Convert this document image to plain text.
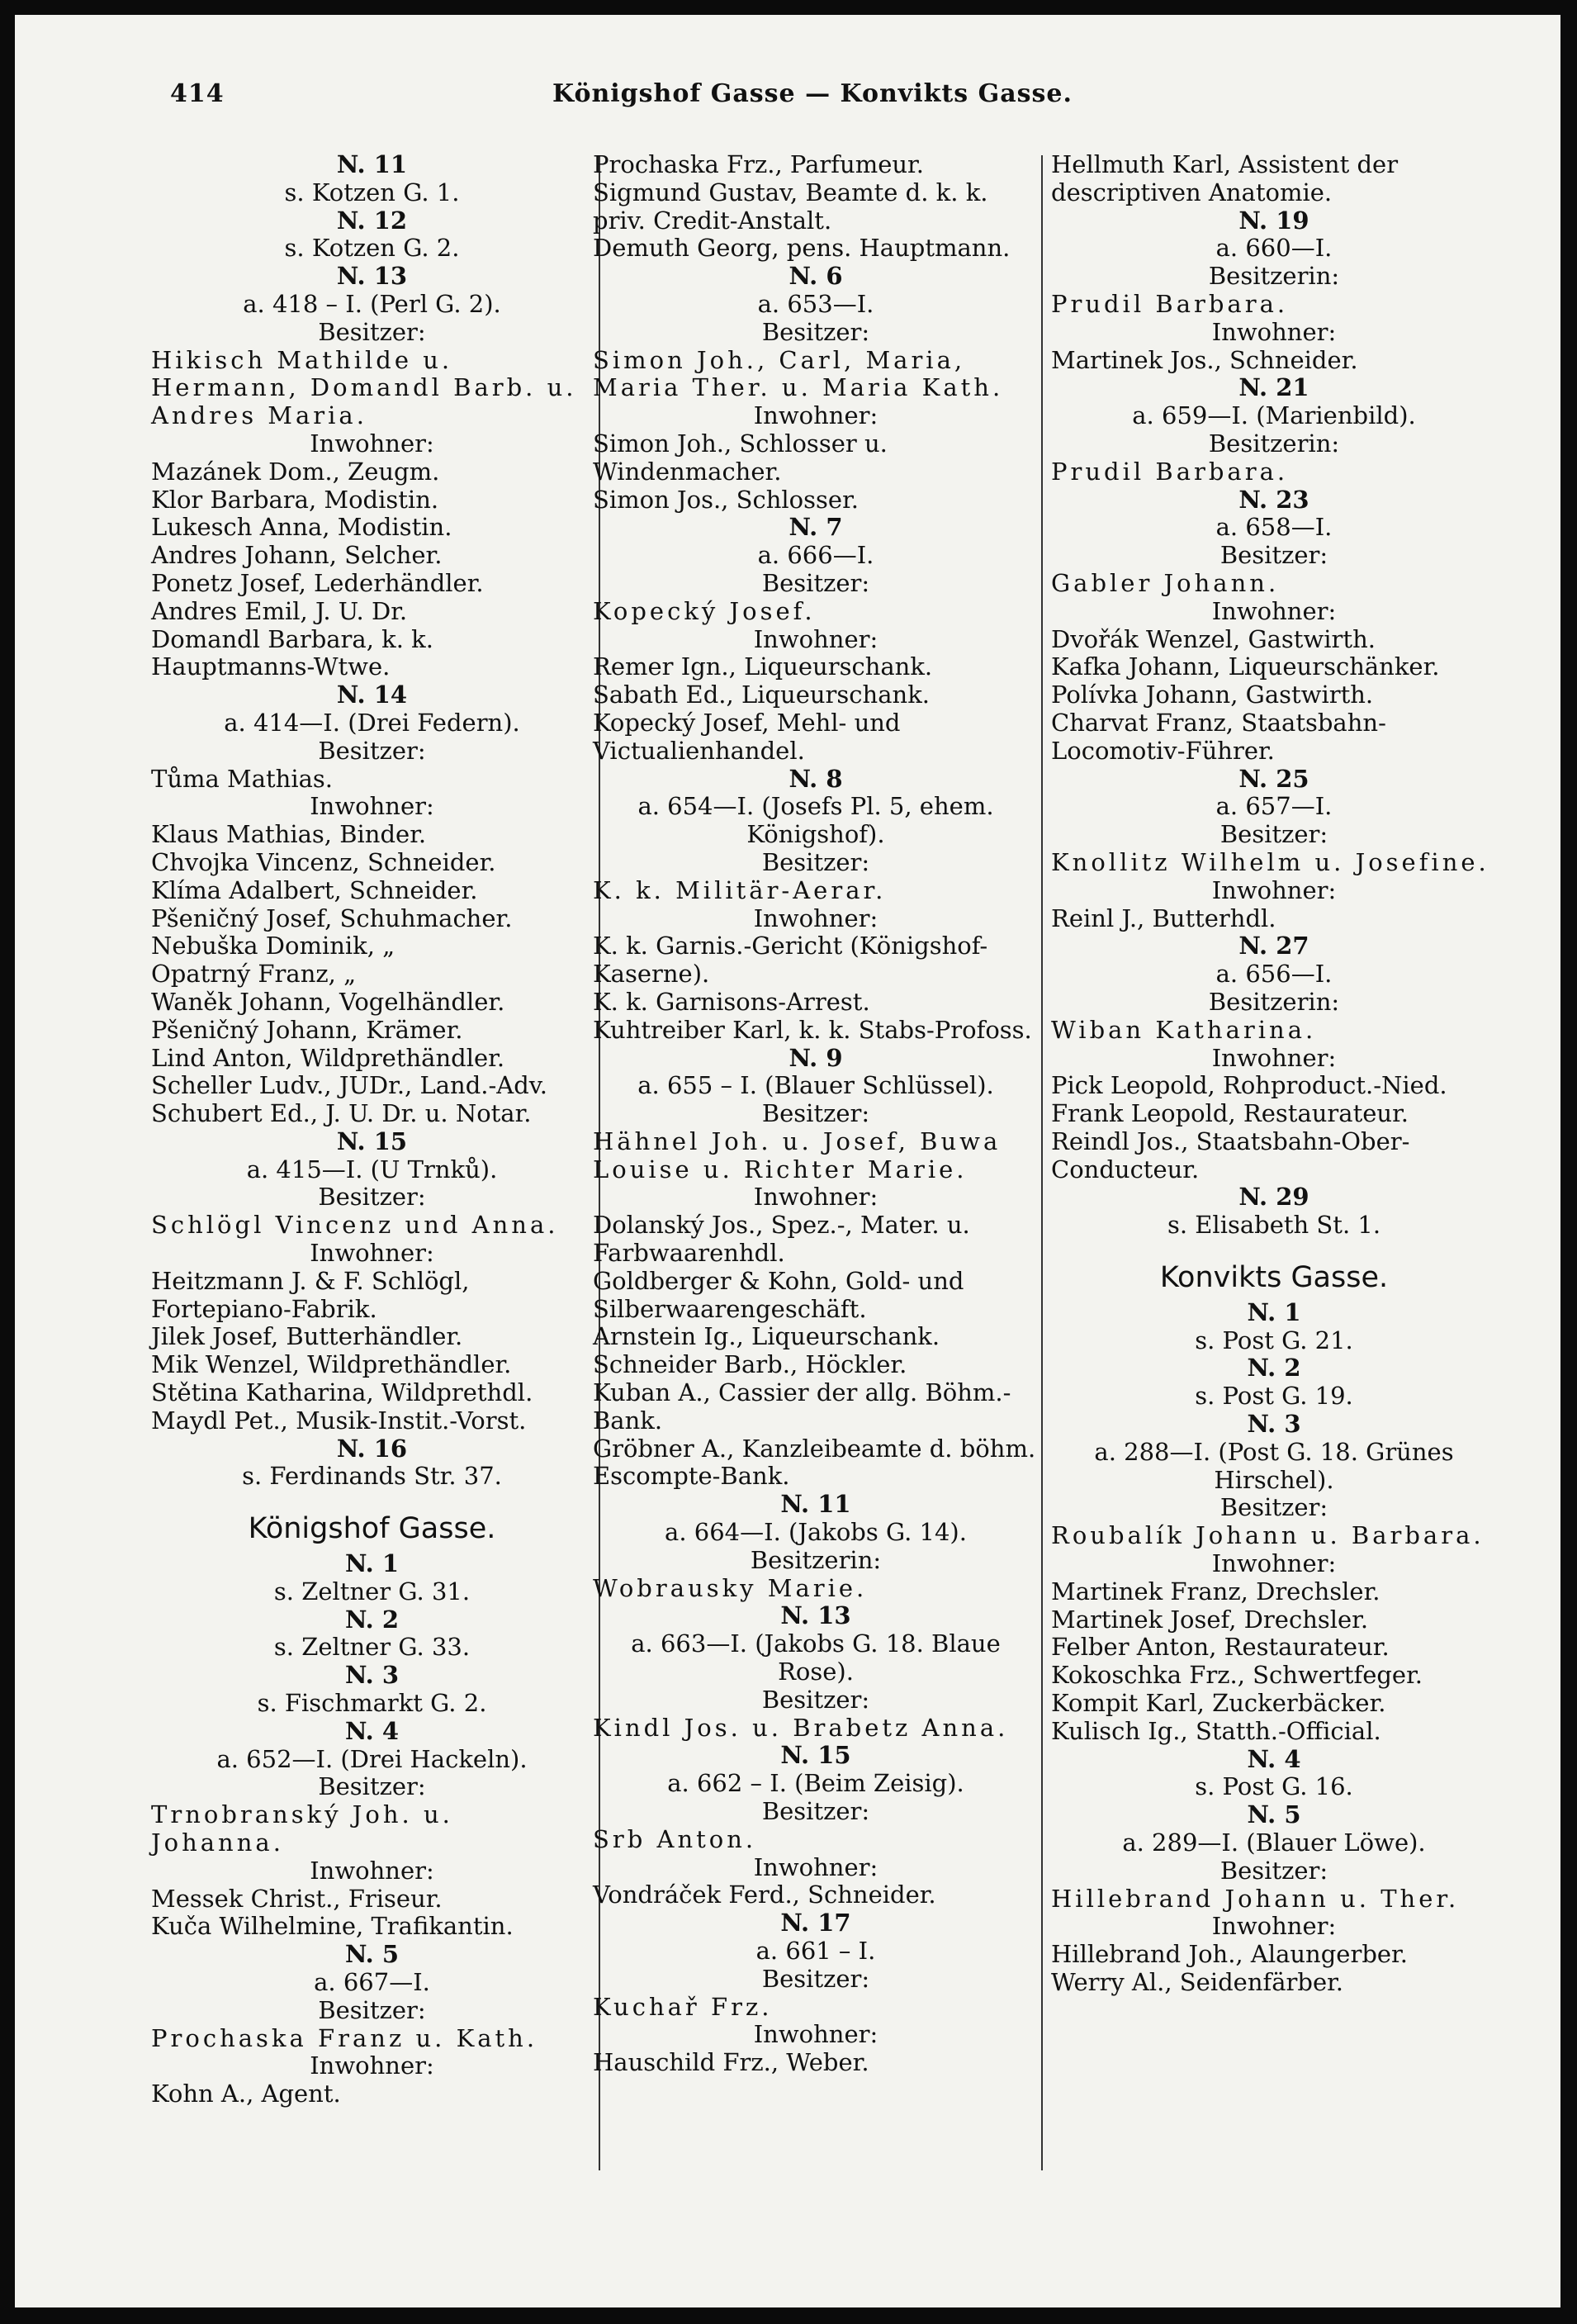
414	Königshof Gasse — Konvikts Gasse.
N. 11
s. Kotzen G. 1.
N. 12
s. Kotzen G. 2.
N. 13
a. 418 – I. (Perl G. 2).
Besitzer:
Hikisch Mathilde u. Hermann, Domandl Barb. u. Andres Maria.
Inwohner:
Mazánek Dom., Zeugm.
Klor Barbara, Modistin.
Lukesch Anna, Modistin.
Andres Johann, Selcher.
Ponetz Josef, Lederhändler.
Andres Emil, J. U. Dr.
Domandl Barbara, k. k. Hauptmanns-Wtwe.
N. 14
a. 414—I. (Drei Federn).
Besitzer:
Tůma Mathias.
Inwohner:
Klaus Mathias, Binder.
Chvojka Vincenz, Schneider.
Klíma Adalbert, Schneider.
Pšeničný Josef, Schuhmacher.
Nebuška Dominik, „
Opatrný Franz, „
Waněk Johann, Vogelhändler.
Pšeničný Johann, Krämer.
Lind Anton, Wildprethändler.
Scheller Ludv., JUDr., Land.-Adv.
Schubert Ed., J. U. Dr. u. Notar.
N. 15
a. 415—I. (U Trnků).
Besitzer:
Schlögl Vincenz und Anna.
Inwohner:
Heitzmann J. & F. Schlögl, Fortepiano-Fabrik.
Jilek Josef, Butterhändler.
Mik Wenzel, Wildprethändler.
Stětina Katharina, Wildprethdl.
Maydl Pet., Musik-Instit.-Vorst.
N. 16
s. Ferdinands Str. 37.
Königshof Gasse.
N. 1
s. Zeltner G. 31.
N. 2
s. Zeltner G. 33.
N. 3
s. Fischmarkt G. 2.
N. 4
a. 652—I. (Drei Hackeln).
Besitzer:
Trnobranský Joh. u. Johanna.
Inwohner:
Messek Christ., Friseur.
Kuča Wilhelmine, Trafikantin.
N. 5
a. 667—I.
Besitzer:
Prochaska Franz u. Kath.
Inwohner:
Kohn A., Agent.
Prochaska Frz., Parfumeur.
Sigmund Gustav, Beamte d. k. k. priv. Credit-Anstalt.
Demuth Georg, pens. Hauptmann.
N. 6
a. 653—I.
Besitzer:
Simon Joh., Carl, Maria, Maria Ther. u. Maria Kath.
Inwohner:
Simon Joh., Schlosser u. Windenmacher.
Simon Jos., Schlosser.
N. 7
a. 666—I.
Besitzer:
Kopecký Josef.
Inwohner:
Remer Ign., Liqueurschank.
Sabath Ed., Liqueurschank.
Kopecký Josef, Mehl- und Victualienhandel.
N. 8
a. 654—I. (Josefs Pl. 5, ehem. Königshof).
Besitzer:
K. k. Militär-Aerar.
Inwohner:
K. k. Garnis.-Gericht (Königshof-Kaserne).
K. k. Garnisons-Arrest.
Kuhtreiber Karl, k. k. Stabs-Profoss.
N. 9
a. 655 – I. (Blauer Schlüssel).
Besitzer:
Hähnel Joh. u. Josef, Buwa Louise u. Richter Marie.
Inwohner:
Dolanský Jos., Spez.-, Mater. u. Farbwaarenhdl.
Goldberger & Kohn, Gold- und Silberwaarengeschäft.
Arnstein Ig., Liqueurschank.
Schneider Barb., Höckler.
Kuban A., Cassier der allg. Böhm.-Bank.
Gröbner A., Kanzleibeamte d. böhm. Escompte-Bank.
N. 11
a. 664—I. (Jakobs G. 14).
Besitzerin:
Wobrausky Marie.
N. 13
a. 663—I. (Jakobs G. 18. Blaue Rose).
Besitzer:
Kindl Jos. u. Brabetz Anna.
N. 15
a. 662 – I. (Beim Zeisig).
Besitzer:
Srb Anton.
Inwohner:
Vondráček Ferd., Schneider.
N. 17
a. 661 – I.
Besitzer:
Kuchař Frz.
Inwohner:
Hauschild Frz., Weber.
Hellmuth Karl, Assistent der descriptiven Anatomie.
N. 19
a. 660—I.
Besitzerin:
Prudil Barbara.
Inwohner:
Martinek Jos., Schneider.
N. 21
a. 659—I. (Marienbild).
Besitzerin:
Prudil Barbara.
N. 23
a. 658—I.
Besitzer:
Gabler Johann.
Inwohner:
Dvořák Wenzel, Gastwirth.
Kafka Johann, Liqueurschänker.
Polívka Johann, Gastwirth.
Charvat Franz, Staatsbahn-Locomotiv-Führer.
N. 25
a. 657—I.
Besitzer:
Knollitz Wilhelm u. Josefine.
Inwohner:
Reinl J., Butterhdl.
N. 27
a. 656—I.
Besitzerin:
Wiban Katharina.
Inwohner:
Pick Leopold, Rohproduct.-Nied.
Frank Leopold, Restaurateur.
Reindl Jos., Staatsbahn-Ober-Conducteur.
N. 29
s. Elisabeth St. 1.
Konvikts Gasse.
N. 1
s. Post G. 21.
N. 2
s. Post G. 19.
N. 3
a. 288—I. (Post G. 18. Grünes Hirschel).
Besitzer:
Roubalík Johann u. Barbara.
Inwohner:
Martinek Franz, Drechsler.
Martinek Josef, Drechsler.
Felber Anton, Restaurateur.
Kokoschka Frz., Schwertfeger.
Kompit Karl, Zuckerbäcker.
Kulisch Ig., Statth.-Official.
N. 4
s. Post G. 16.
N. 5
a. 289—I. (Blauer Löwe).
Besitzer:
Hillebrand Johann u. Ther.
Inwohner:
Hillebrand Joh., Alaungerber.
Werry Al., Seidenfärber.
